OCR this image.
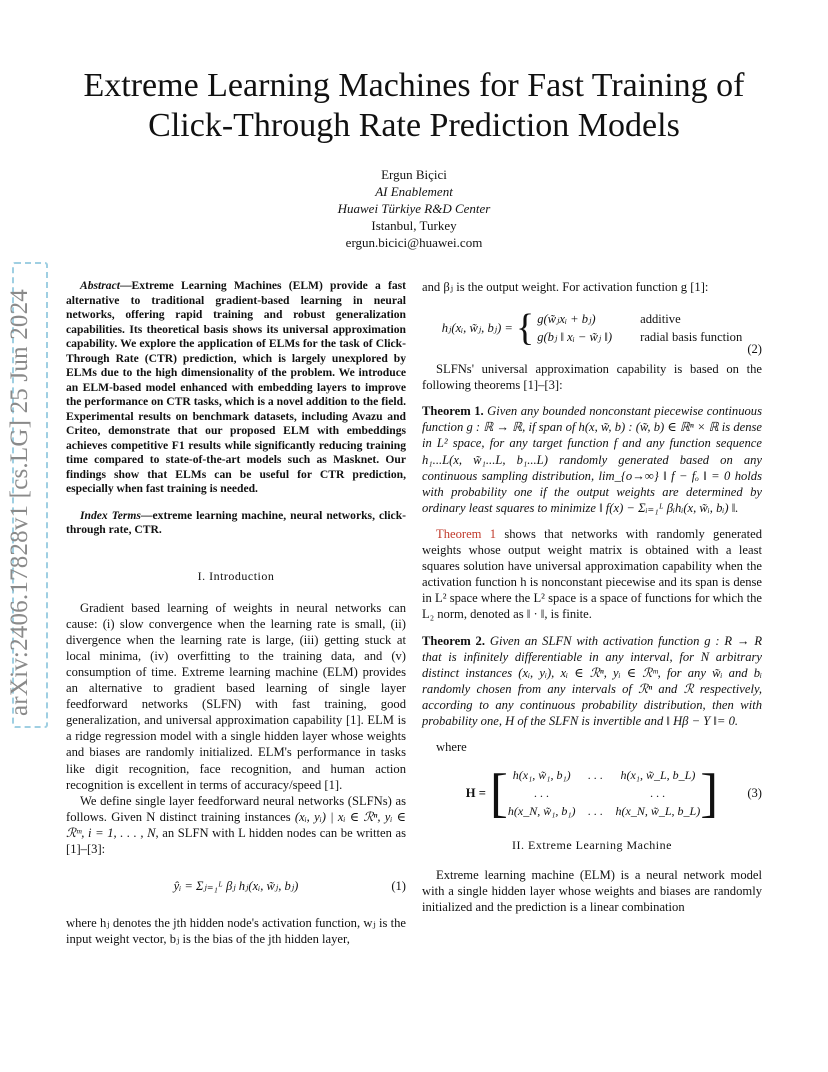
Extreme Learning Machines for Fast Training of
Click-Through Rate Prediction Models
Ergun Biçici
AI Enablement
Huawei Türkiye R&D Center
Istanbul, Turkey
ergun.bicici@huawei.com
arXiv:2406.17828v1 [cs.LG] 25 Jun 2024

Abstract—Extreme Learning Machines (ELM) provide a fast alternative to traditional gradient-based learning in neural networks, offering rapid training and robust generalization capabilities. Its theoretical basis shows its universal approximation capability. We explore the application of ELMs for the task of Click-Through Rate (CTR) prediction, which is largely unexplored by ELMs due to the high dimensionality of the problem. We introduce an ELM-based model enhanced with embedding layers to improve the performance on CTR tasks, which is a novel addition to the field. Experimental results on benchmark datasets, including Avazu and Criteo, demonstrate that our proposed ELM with embeddings achieves competitive F1 results while significantly reducing training time compared to state-of-the-art models such as Masknet. Our findings show that ELMs can be useful for CTR prediction, especially when fast training is needed.

Index Terms—extreme learning machine, neural networks, click-through rate, CTR.

I. Introduction

Gradient based learning of weights in neural networks can cause: (i) slow convergence when the learning rate is small, (ii) divergence when the learning rate is large, (iii) getting stuck at local minima, (iv) overfitting to the training data, and (v) consumption of time. Extreme learning machine (ELM) provides an alternative to gradient based learning of single layer feedforward networks (SLFN) with fast training, good generalization, and universal approximation capability [1]. ELM is a ridge regression model with a single hidden layer whose weights and biases are randomly initialized. ELM's performance in tasks like digit recognition, face recognition, and human action recognition is excellent in terms of accuracy/speed [1].

We define single layer feedforward neural networks (SLFNs) as follows. Given N distinct training instances (xᵢ, yᵢ) | xᵢ ∈ ℛⁿ, yᵢ ∈ ℛᵐ, i = 1, . . . , N, an SLFN with L hidden nodes can be written as [1]–[3]:

ŷᵢ = Σⱼ₌₁ᴸ βⱼ hⱼ(xᵢ, w̃ⱼ, bⱼ)	(1)

where hⱼ denotes the jth hidden node's activation function, wⱼ is the input weight vector, bⱼ is the bias of the jth hidden layer,

and βⱼ is the output weight. For activation function g [1]:

hⱼ(xᵢ, w̃ⱼ, bⱼ) = { g(w̃ⱼxᵢ + bⱼ)	additive
g(bⱼ ‖ xᵢ − w̃ⱼ ‖) radial basis function
(2)

SLFNs' universal approximation capability is based on the following theorems [1]–[3]:

Theorem 1. Given any bounded nonconstant piecewise continuous function g : ℝ → ℝ, if span of h(x, w̃, b) : (w̃, b) ∈ ℝⁿ × ℝ is dense in L² space, for any target function f and any function sequence h₁...L(x, w̃₁...L, b₁...L) randomly generated based on any continuous sampling distribution, lim_{o→∞} ‖ f − fₒ ‖ = 0 holds with probability one if the output weights are determined by ordinary least squares to minimize ‖ f(x) − Σᵢ₌₁ᴸ βᵢhᵢ(x, w̃ᵢ, bᵢ) ‖.

Theorem 1 shows that networks with randomly generated weights whose output weight matrix is obtained with a least squares solution have universal approximation capability when the activation function h is nonconstant piecewise and its span is dense in L² space where the L² space is a space of functions for which the L₂ norm, denoted as ‖ · ‖, is finite.

Theorem 2. Given an SLFN with activation function g : R → R that is infinitely differentiable in any interval, for N arbitrary distinct instances (xᵢ, yᵢ), xᵢ ∈ ℛⁿ, yᵢ ∈ ℛᵐ, for any w̃ᵢ and bᵢ randomly chosen from any intervals of ℛⁿ and ℛ respectively, according to any continuous probability distribution, then with probability one, H of the SLFN is invertible and ‖ Hβ − Y ‖= 0.

where

H = [ h(x₁, w̃₁, b₁)	. . .	h(x₁, w̃_L, b_L)
. . .	. . .
h(x_N, w̃₁, b₁)	. . .	h(x_N, w̃_L, b_L) ] (3)
II. Extreme Learning Machine

Extreme learning machine (ELM) is a neural network model with a single hidden layer whose weights and biases are randomly initialized and the prediction is a linear combination
